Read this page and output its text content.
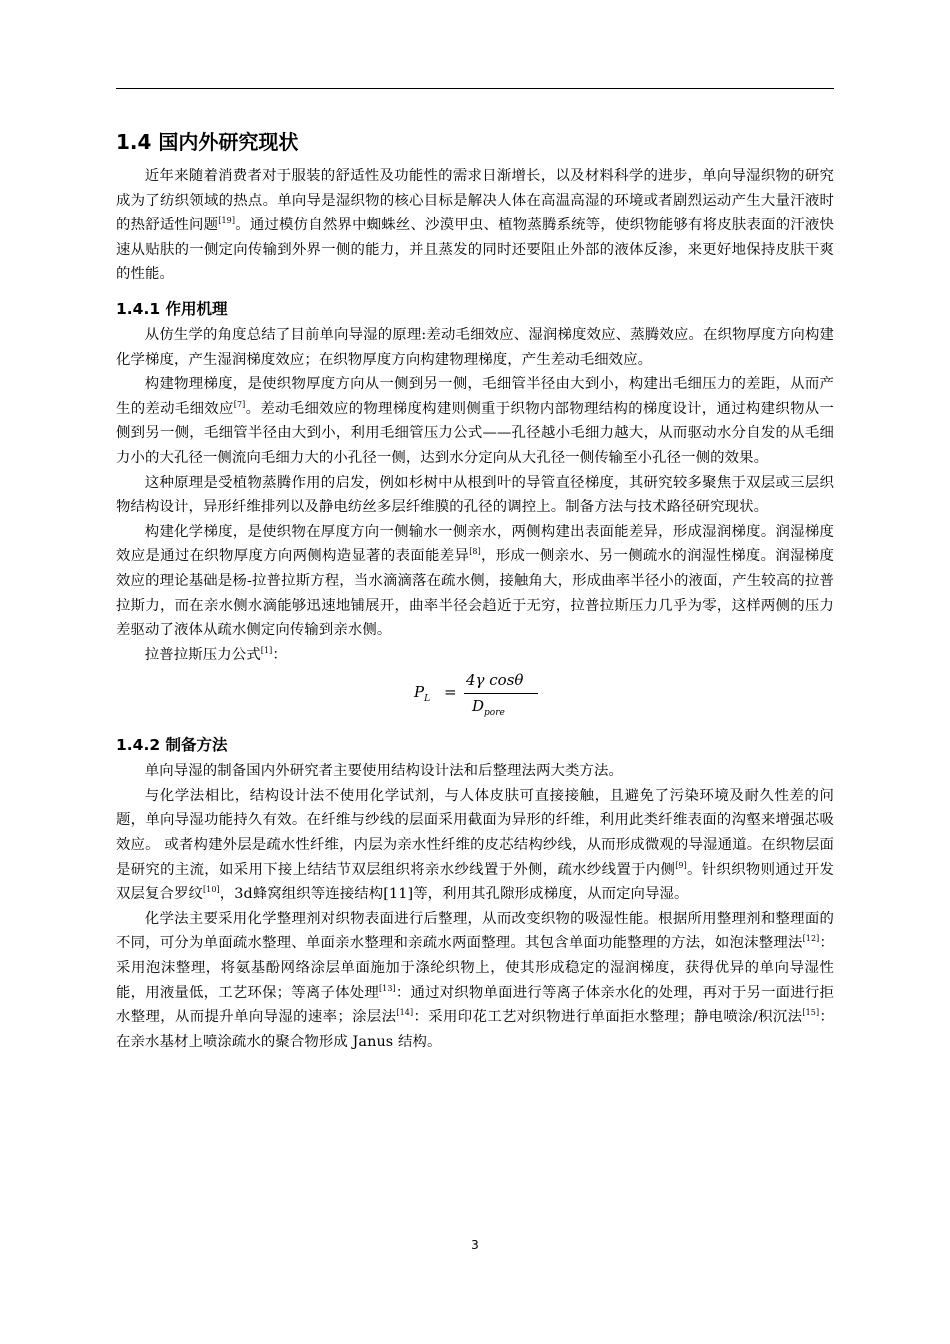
1.4 国内外研究现状

近年来随着消费者对于服装的舒适性及功能性的需求日渐增长，以及材料科学的进步，单向导湿织物的研究成为了纺织领域的热点。单向导是湿织物的核心目标是解决人体在高温高湿的环境或者剧烈运动产生大量汗液时的热舒适性问题[19]。通过模仿自然界中蜘蛛丝、沙漠甲虫、植物蒸腾系统等，使织物能够有将皮肤表面的汗液快速从贴肤的一侧定向传输到外界一侧的能力，并且蒸发的同时还要阻止外部的液体反渗，来更好地保持皮肤干爽的性能。

1.4.1 作用机理

从仿生学的角度总结了目前单向导湿的原理:差动毛细效应、湿润梯度效应、蒸腾效应。在织物厚度方向构建化学梯度，产生湿润梯度效应；在织物厚度方向构建物理梯度，产生差动毛细效应。

构建物理梯度，是使织物厚度方向从一侧到另一侧，毛细管半径由大到小，构建出毛细压力的差距，从而产生的差动毛细效应[7]。差动毛细效应的物理梯度构建则侧重于织物内部物理结构的梯度设计，通过构建织物从一侧到另一侧，毛细管半径由大到小，利用毛细管压力公式——孔径越小毛细力越大，从而驱动水分自发的从毛细力小的大孔径一侧流向毛细力大的小孔径一侧，达到水分定向从大孔径一侧传输至小孔径一侧的效果。

这种原理是受植物蒸腾作用的启发，例如杉树中从根到叶的导管直径梯度，其研究较多聚焦于双层或三层织物结构设计，异形纤维排列以及静电纺丝多层纤维膜的孔径的调控上。制备方法与技术路径研究现状。

构建化学梯度，是使织物在厚度方向一侧输水一侧亲水，两侧构建出表面能差异，形成湿润梯度。润湿梯度效应是通过在织物厚度方向两侧构造显著的表面能差异[8]，形成一侧亲水、另一侧疏水的润湿性梯度。润湿梯度效应的理论基础是杨-拉普拉斯方程，当水滴滴落在疏水侧，接触角大，形成曲率半径小的液面，产生较高的拉普拉斯力，而在亲水侧水滴能够迅速地铺展开，曲率半径会趋近于无穷，拉普拉斯压力几乎为零，这样两侧的压力差驱动了液体从疏水侧定向传输到亲水侧。

拉普拉斯压力公式[1]：

$P_L$ =
4γ cosθ
$D_{pore}$
1.4.2 制备方法

单向导湿的制备国内外研究者主要使用结构设计法和后整理法两大类方法。

与化学法相比，结构设计法不使用化学试剂，与人体皮肤可直接接触，且避免了污染环境及耐久性差的问题，单向导湿功能持久有效。在纤维与纱线的层面采用截面为异形的纤维，利用此类纤维表面的沟壑来增强芯吸效应。 或者构建外层是疏水性纤维，内层为亲水性纤维的皮芯结构纱线，从而形成微观的导湿通道。在织物层面是研究的主流，如采用下接上结结节双层组织将亲水纱线置于外侧，疏水纱线置于内侧[9]。针织织物则通过开发双层复合罗纹[10]，3d蜂窝组织等连接结构[11]等，利用其孔隙形成梯度，从而定向导湿。

化学法主要采用化学整理剂对织物表面进行后整理，从而改变织物的吸湿性能。根据所用整理剂和整理面的不同，可分为单面疏水整理、单面亲水整理和亲疏水两面整理。其包含单面功能整理的方法，如泡沫整理法[12]：采用泡沫整理，将氨基酚网络涂层单面施加于涤纶织物上，使其形成稳定的湿润梯度，获得优异的单向导湿性能，用液量低，工艺环保；等离子体处理[13]：通过对织物单面进行等离子体亲水化的处理，再对于另一面进行拒水整理，从而提升单向导湿的速率；涂层法[14]：采用印花工艺对织物进行单面拒水整理；静电喷涂/积沉法[15]：在亲水基材上喷涂疏水的聚合物形成 Janus 结构。

3
